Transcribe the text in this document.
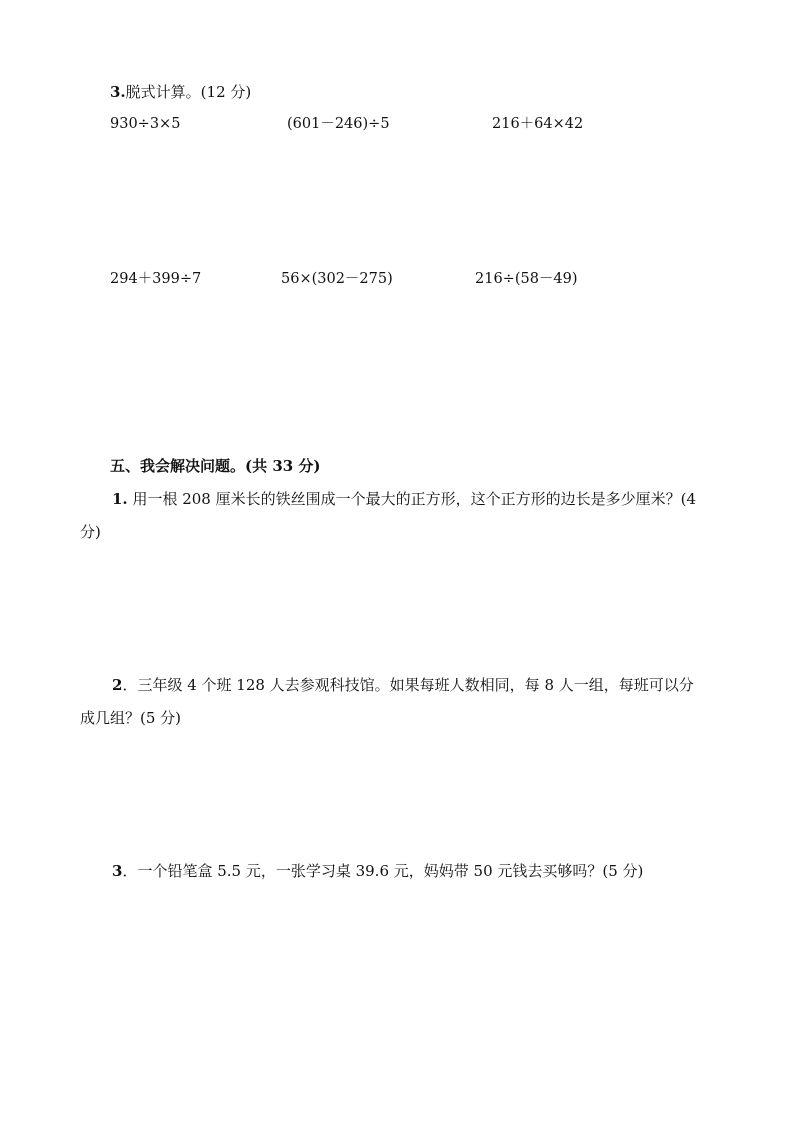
3.脱式计算。(12 分)
930÷3×5	(601－246)÷5	216＋64×42
294＋399÷7	56×(302－275)	216÷(58－49)
五、我会解决问题。(共 33 分)
1. 用一根 208 厘米长的铁丝围成一个最大的正方形，这个正方形的边长是多少厘米？(4
分)
2．三年级 4 个班 128 人去参观科技馆。如果每班人数相同，每 8 人一组，每班可以分
成几组？(5 分)
3．一个铅笔盒 5.5 元，一张学习桌 39.6 元，妈妈带 50 元钱去买够吗？(5 分)
